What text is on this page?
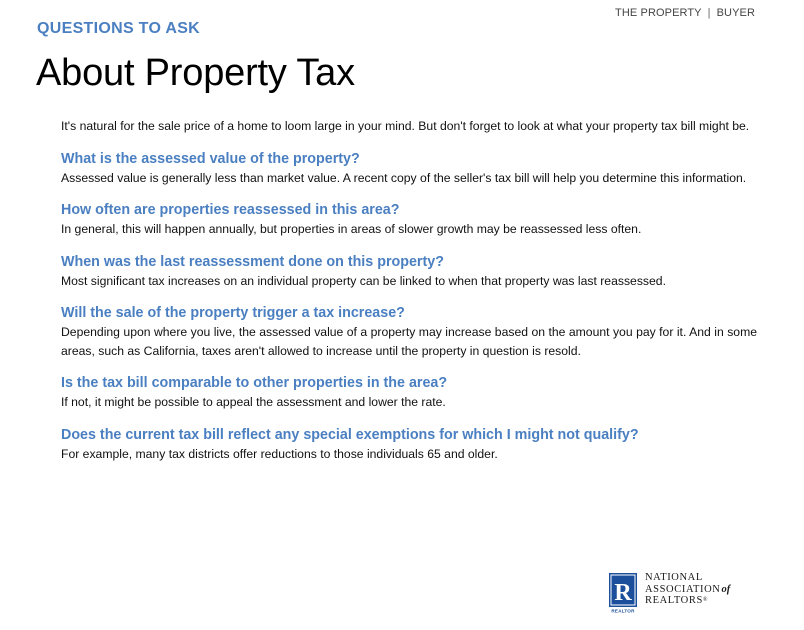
THE PROPERTY | BUYER
QUESTIONS TO ASK
About Property Tax

It's natural for the sale price of a home to loom large in your mind. But don't forget to look at what your property tax bill might be.

What is the assessed value of the property?

Assessed value is generally less than market value. A recent copy of the seller's tax bill will help you determine this information.

How often are properties reassessed in this area?

In general, this will happen annually, but properties in areas of slower growth may be reassessed less often.

When was the last reassessment done on this property?

Most significant tax increases on an individual property can be linked to when that property was last reassessed.

Will the sale of the property trigger a tax increase?

Depending upon where you live, the assessed value of a property may increase based on the amount you pay for it. And in some areas, such as California, taxes aren't allowed to increase until the property in question is resold.

Is the tax bill comparable to other properties in the area?

If not, it might be possible to appeal the assessment and lower the rate.

Does the current tax bill reflect any special exemptions for which I might not qualify?

For example, many tax districts offer reductions to those individuals 65 and older.

R
REALTOR
NATIONAL
ASSOCIATIONof
REALTORS®
